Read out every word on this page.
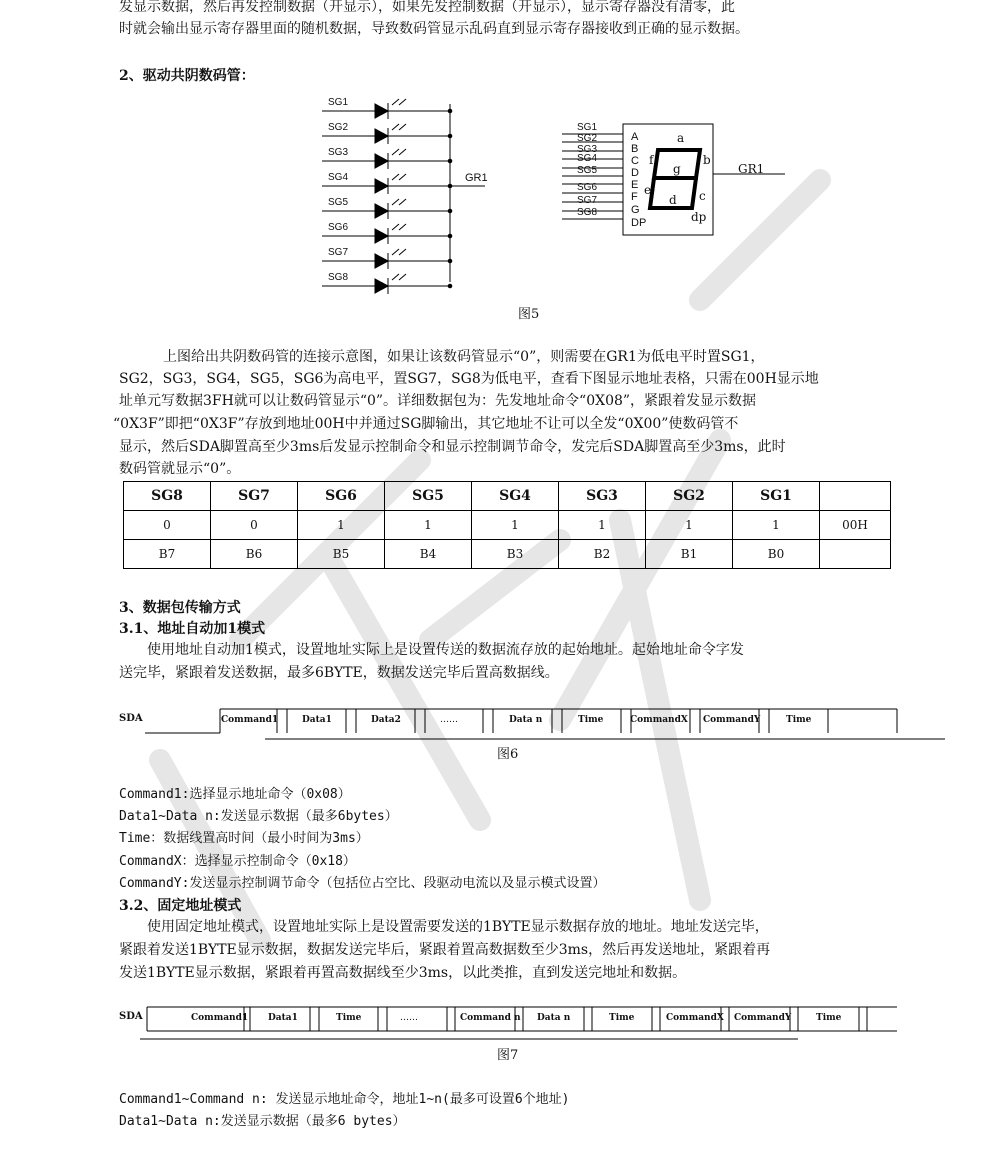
发显示数据，然后再发控制数据（开显示），如果先发控制数据（开显示），显示寄存器没有清零，此
时就会输出显示寄存器里面的随机数据，导致数码管显示乱码直到显示寄存器接收到正确的显示数据。
2、驱动共阴数码管：
GR1
SG1
SG2
SG3
SG4
SG5
SG6
SG7
SG8
SG1
SG2
SG3
SG4
SG5
SG6
SG7
SG8
A
B
C
D
E
F
G
DP
a
b
c
d
e
f
g
dp
GR1
图5
上图给出共阴数码管的连接示意图，如果让该数码管显示“0”，则需要在GR1为低电平时置SG1，
SG2，SG3，SG4，SG5，SG6为高电平，置SG7，SG8为低电平，查看下图显示地址表格，只需在00H显示地
址单元写数据3FH就可以让数码管显示“0”。详细数据包为：先发地址命令“0X08”，紧跟着发显示数据
“0X3F”即把“0X3F”存放到地址00H中并通过SG脚输出，其它地址不让可以全发“0X00”使数码管不
显示，然后SDA脚置高至少3ms后发显示控制命令和显示控制调节命令，发完后SDA脚置高至少3ms，此时
数码管就显示“0”。
SG8	SG7	SG6	SG5	SG4	SG3	SG2	SG1	
0	0	1	1	1	1	1	1	00H
B7	B6	B5	B4	B3	B2	B1	B0	
3、数据包传输方式
3.1、地址自动加1模式
使用地址自动加1模式，设置地址实际上是设置传送的数据流存放的起始地址。起始地址命令字发
送完毕，紧跟着发送数据，最多6BYTE，数据发送完毕后置高数据线。
SDA	Command1	Data1	Data2	……	Data n	Time	CommandX CommandY	Time
图6
Command1:选择显示地址命令（0x08）
Data1~Data n:发送显示数据（最多6bytes）
Time：数据线置高时间（最小时间为3ms）
CommandX：选择显示控制命令（0x18）
CommandY:发送显示控制调节命令（包括位占空比、段驱动电流以及显示模式设置）
3.2、固定地址模式
使用固定地址模式，设置地址实际上是设置需要发送的1BYTE显示数据存放的地址。地址发送完毕，
紧跟着发送1BYTE显示数据，数据发送完毕后，紧跟着置高数据数至少3ms，然后再发送地址，紧跟着再
发送1BYTE显示数据，紧跟着再置高数据线至少3ms，以此类推，直到发送完地址和数据。
SDA	Command1 Data1	Time	……	Command n Data n	Time	CommandX CommandY	Time
图7
Command1~Command n: 发送显示地址命令，地址1~n(最多可设置6个地址)
Data1~Data n:发送显示数据（最多6 bytes）
